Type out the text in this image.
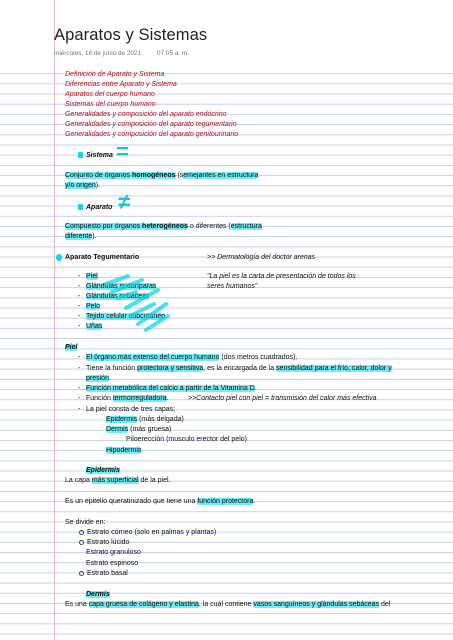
Aparatos y Sistemas
miércoles, 16 de junio de 2021	07:05 a. m.
Definición de Aparato y Sistema
Diferencias entre Aparato y Sistema
Aparatos del cuerpo humano
Sistemas del cuerpo humano
Generalidades y composición del aparato endócrino
Generalidades y composición del aparato tegumentario
Generalidades y composición del aparato genitourinario
Sistema =
Conjunto de órganos homogéneos (semejantes en estructura
y/o origen).
Aparato ≠
Compuesto por órganos heterogéneos o diferentes (estructura
diferente).
Aparato Tegumentario	>> Dermatología del doctor arenas
"La piel es la carta de presentación de todos los
seres humanos"
- Piel
- Glándulas sudoríparas
- Glándulas sebáceas
- Pelo
- Tejido celular subcutáneo
- Uñas
Piel
- El órgano más extenso del cuerpo humano (dos metros cuadrados).
- Tiene la función protectora y sensitiva, es la encargada de la sensibilidad para el frío, calor, dolor y
presión.
- Función metabólica del calcio a partir de la Vitamina D.
- Función termorreguladora.	>>Contacto piel con piel = transmisión del calor más efectiva
- La piel consta de tres capas:
Epidermis (más delgada)
Dermis (más gruesa)
Piloerección (musculo erector del pelo)
Hipodermis
Epidermis
La capa más superficial de la piel.
Es un epitelio queratinizado que tiene una función protectora.
Se divide en:
Estrato córneo (solo en palmas y plantas)
Estrato lúcido
Estrato granuloso
Estrato espinoso
Estrato basal
Dermis
Es una capa gruesa de colágeno y elastina, la cuál contiene vasos sanguíneos y glándulas sebáceas del
